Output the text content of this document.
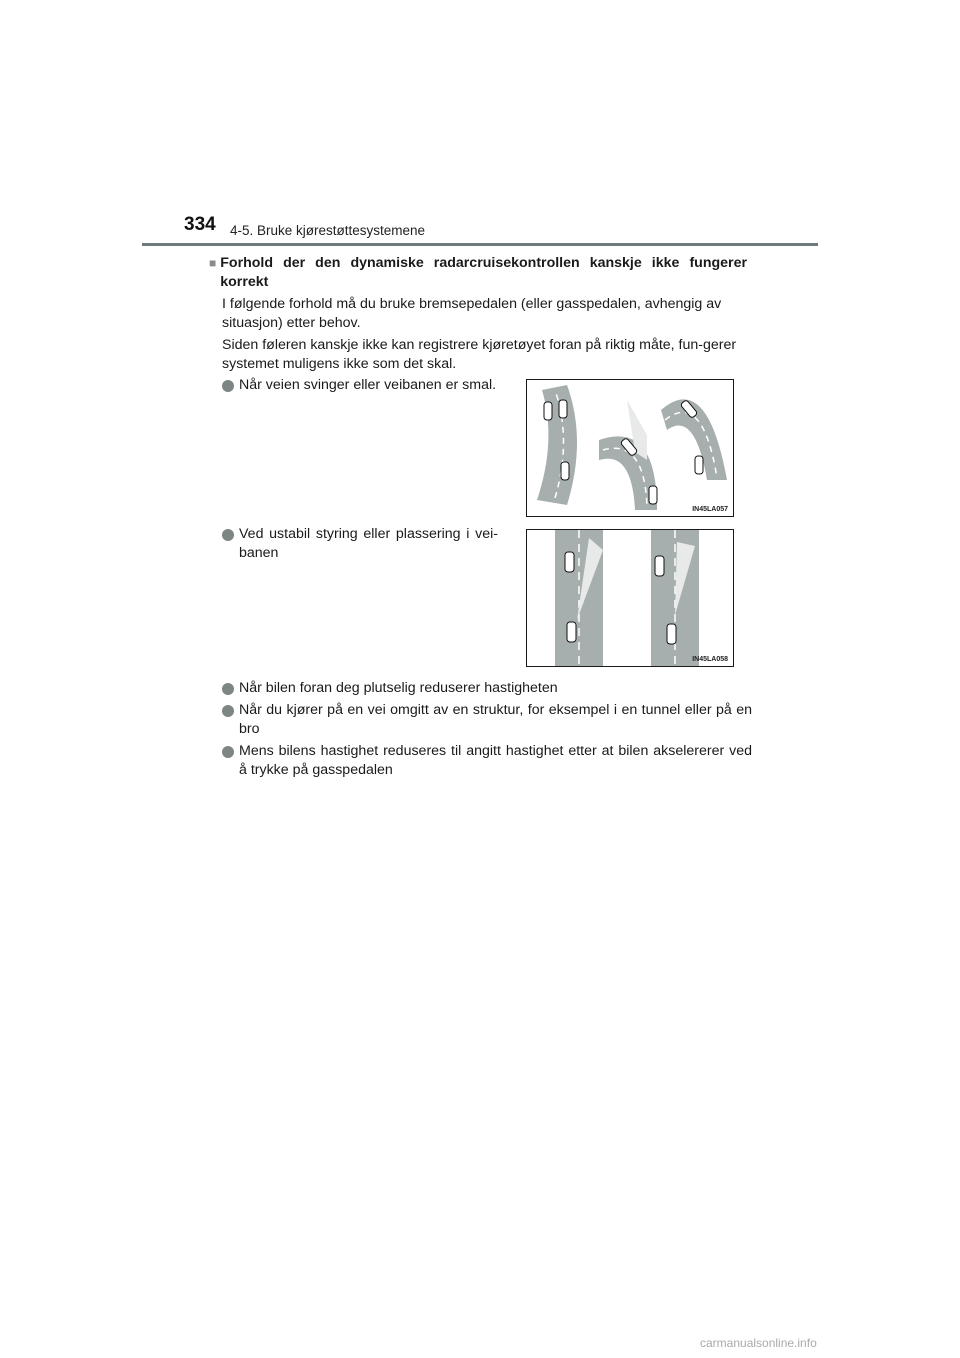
334 4-5. Bruke kjørestøttesystemene
■ Forhold der den dynamiske radarcruisekontrollen kanskje ikke fungerer korrekt
I følgende forhold må du bruke bremsepedalen (eller gasspedalen, avhengig av situasjon) etter behov.
Siden føleren kanskje ikke kan registrere kjøretøyet foran på riktig måte, fun-gerer systemet muligens ikke som det skal.
Når veien svinger eller veibanen er smal.
IN45LA057
Ved ustabil styring eller plassering i vei-banen
IN45LA058
Når bilen foran deg plutselig reduserer hastigheten
Når du kjører på en vei omgitt av en struktur, for eksempel i en tunnel eller på en bro
Mens bilens hastighet reduseres til angitt hastighet etter at bilen akselererer ved å trykke på gasspedalen
carmanualsonline.info
